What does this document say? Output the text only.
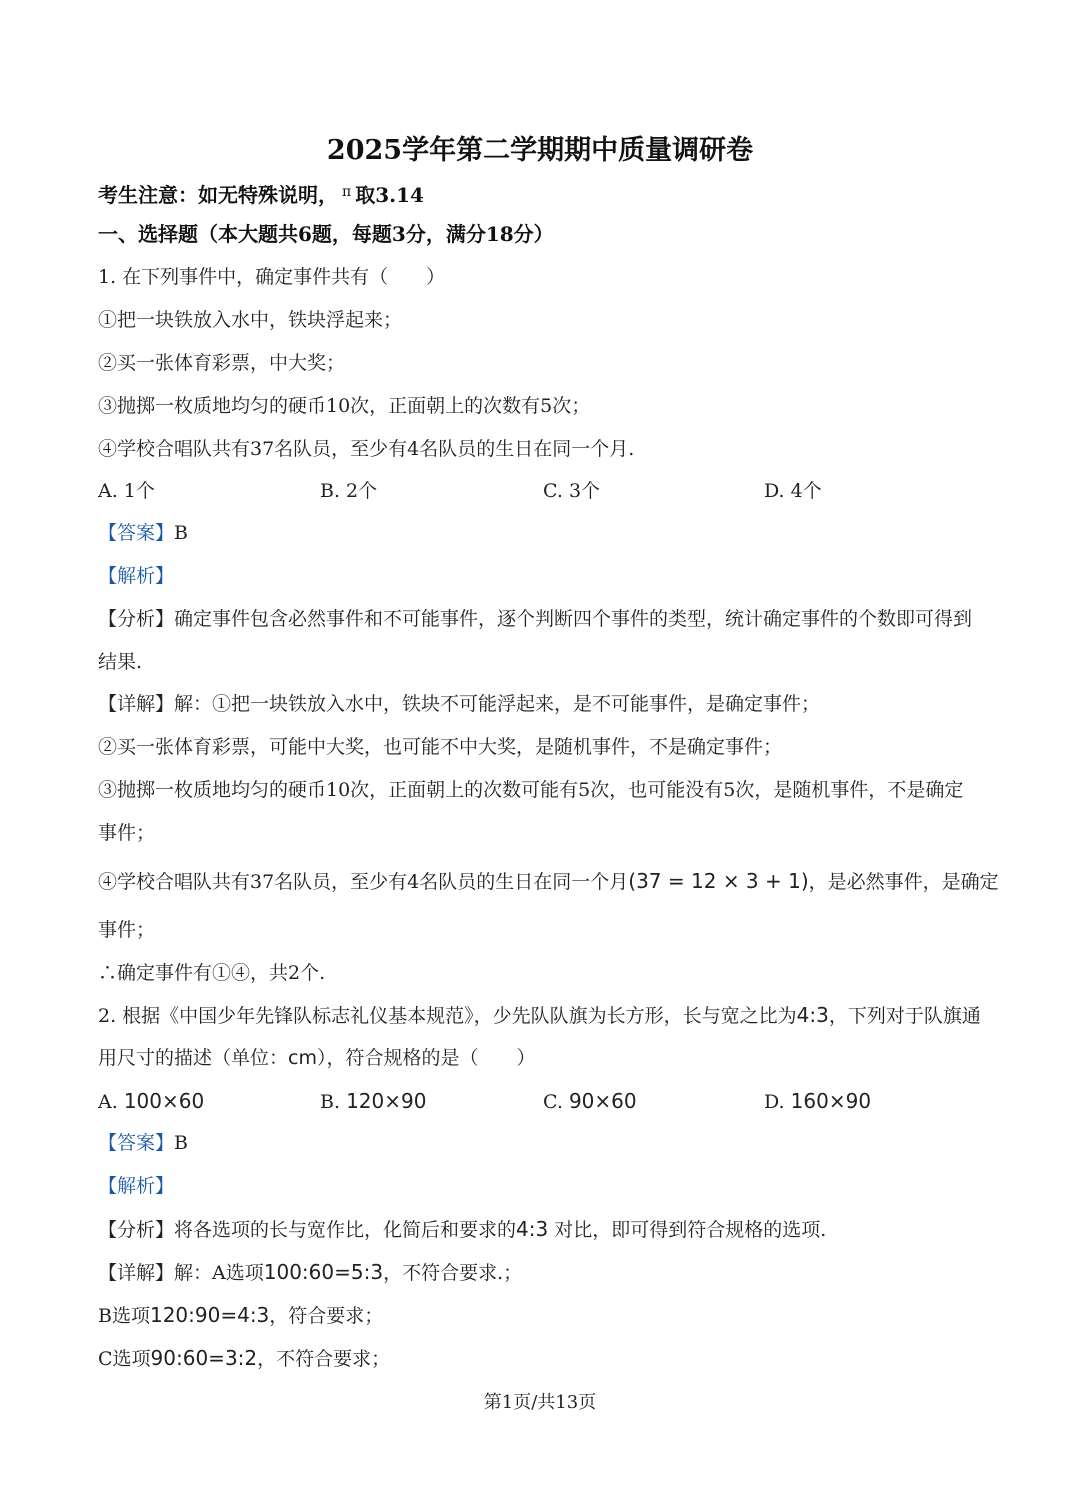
2025学年第二学期期中质量调研卷
考生注意：如无特殊说明， $^\pi$ 取3.14
一、选择题（本大题共6题，每题3分，满分18分）
1. 在下列事件中，确定事件共有（　　）
①把一块铁放入水中，铁块浮起来；
②买一张体育彩票，中大奖；
③抛掷一枚质地均匀的硬币10次，正面朝上的次数有5次；
④学校合唱队共有37名队员，至少有4名队员的生日在同一个月.
A. 1个	B. 2个	C. 3个	D. 4个
【答案】B
【解析】
【分析】确定事件包含必然事件和不可能事件，逐个判断四个事件的类型，统计确定事件的个数即可得到
结果.
【详解】解：①把一块铁放入水中，铁块不可能浮起来，是不可能事件，是确定事件；
②买一张体育彩票，可能中大奖，也可能不中大奖，是随机事件，不是确定事件；
③抛掷一枚质地均匀的硬币10次，正面朝上的次数可能有5次，也可能没有5次，是随机事件，不是确定
事件；
④学校合唱队共有37名队员，至少有4名队员的生日在同一个月(37 = 12 × 3 + 1)，是必然事件，是确定
事件；
∴确定事件有①④，共2个.
2. 根据《中国少年先锋队标志礼仪基本规范》，少先队队旗为长方形，长与宽之比为4:3，下列对于队旗通
用尺寸的描述（单位：cm），符合规格的是（　　）
A. 100×60	B. 120×90	C. 90×60	D. 160×90
【答案】B
【解析】
【分析】将各选项的长与宽作比，化简后和要求的4:3 对比，即可得到符合规格的选项.
【详解】解：A选项100:60=5:3，不符合要求.；
B选项120:90=4:3，符合要求；
C选项90:60=3:2，不符合要求；
第1页/共13页
